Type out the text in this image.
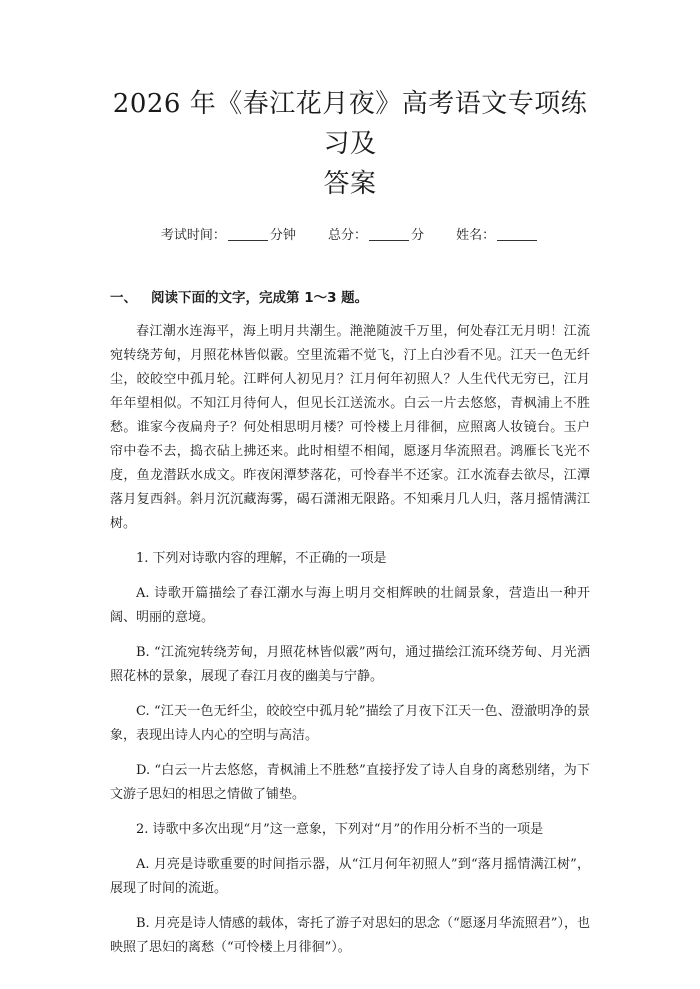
2026 年《春江花月夜》高考语文专项练习及
答案
考试时间：	分钟 总分：	分 姓名：
一、 阅读下面的文字，完成第 1～3 题。

春江潮水连海平，海上明月共潮生。滟滟随波千万里，何处春江无月明！江流宛转绕芳甸，月照花林皆似霰。空里流霜不觉飞，汀上白沙看不见。江天一色无纤尘，皎皎空中孤月轮。江畔何人初见月？江月何年初照人？人生代代无穷已，江月年年望相似。不知江月待何人，但见长江送流水。白云一片去悠悠，青枫浦上不胜愁。谁家今夜扁舟子？何处相思明月楼？可怜楼上月徘徊，应照离人妆镜台。玉户帘中卷不去，捣衣砧上拂还来。此时相望不相闻，愿逐月华流照君。鸿雁长飞光不度，鱼龙潜跃水成文。昨夜闲潭梦落花，可怜春半不还家。江水流春去欲尽，江潭落月复西斜。斜月沉沉藏海雾，碣石潇湘无限路。不知乘月几人归，落月摇情满江树。

1. 下列对诗歌内容的理解，不正确的一项是

A. 诗歌开篇描绘了春江潮水与海上明月交相辉映的壮阔景象，营造出一种开阔、明丽的意境。

B. “江流宛转绕芳甸，月照花林皆似霰”两句，通过描绘江流环绕芳甸、月光洒照花林的景象，展现了春江月夜的幽美与宁静。

C. “江天一色无纤尘，皎皎空中孤月轮”描绘了月夜下江天一色、澄澈明净的景象，表现出诗人内心的空明与高洁。

D. “白云一片去悠悠，青枫浦上不胜愁”直接抒发了诗人自身的离愁别绪，为下文游子思妇的相思之情做了铺垫。

2. 诗歌中多次出现“月”这一意象，下列对“月”的作用分析不当的一项是

A. 月亮是诗歌重要的时间指示器，从“江月何年初照人”到“落月摇情满江树”，展现了时间的流逝。

B. 月亮是诗人情感的载体，寄托了游子对思妇的思念（“愿逐月华流照君”），也映照了思妇的离愁（“可怜楼上月徘徊”）。
